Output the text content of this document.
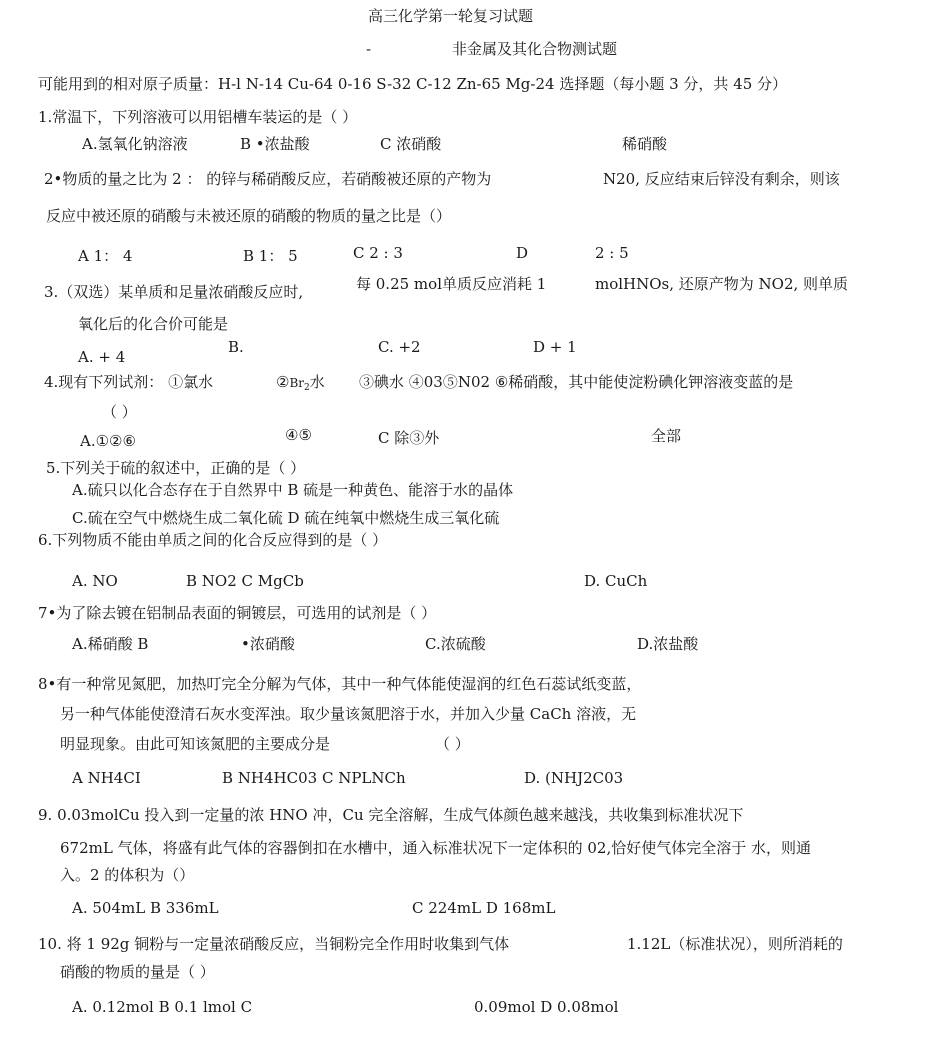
高三化学第一轮复习试题
-	非金属及其化合物测试题
可能用到的相对原子质量：H-l N-14 Cu-64 0-16 S-32 C-12 Zn-65 Mg-24 选择题（每小题 3 分，共 45 分）
1.常温下，下列溶液可以用铝槽车装运的是（ ）
A.氢氧化钠溶液	B •浓盐酸	C 浓硝酸	稀硝酸
2•物质的量之比为 2 ： 的锌与稀硝酸反应，若硝酸被还原的产物为	N20, 反应结束后锌没有剩余，则该
反应中被还原的硝酸与未被还原的硝酸的物质的量之比是（）
A 1： 4	B 1： 5	C 2 : 3	D	2 : 5
3.（双选）某单质和足量浓硝酸反应时,	每 0.25 mol单质反应消耗 1	molHNOs, 还原产物为 NO2, 则单质
氧化后的化合价可能是
A. + 4
B.	C. +2	D + 1
4.现有下列试剂： ①氯水	$②Br_2$水 ③碘水 ④03⑤N02 ⑥稀硝酸，其中能使淀粉碘化钾溶液变蓝的是
（ ）
A.①②⑥	④⑤	C 除③外	全部
5.下列关于硫的叙述中，正确的是（ ）
A.硫只以化合态存在于自然界中 B 硫是一种黄色、能溶于水的晶体
C.硫在空气中燃烧生成二氧化硫 D 硫在纯氧中燃烧生成三氧化硫
6.下列物质不能由单质之间的化合反应得到的是（ ）
A. NO	B NO2 C MgCb	D. CuCh
7•为了除去镀在铝制品表面的铜镀层，可选用的试剂是（ ）
A.稀硝酸 B	•浓硝酸	C.浓硫酸	D.浓盐酸
8•有一种常见氮肥，加热叮完全分解为气体，其中一种气体能使湿润的红色石蕊试纸变蓝，
另一种气体能使澄清石灰水变浑浊。取少量该氮肥溶于水，并加入少量 CaCh 溶液，无
明显现象。由此可知该氮肥的主要成分是	（ ）
A NH4CI	B NH4HC03 C NPLNCh	D. (NHJ2C03
9. 0.03molCu 投入到一定量的浓 HNO 冲，Cu 完全溶解，生成气体颜色越来越浅，共收集到标准状况下
672mL 气体，将盛有此气体的容器倒扣在水槽中，通入标准状况下一定体积的 02,恰好使气体完全溶于 水，则通
入。2 的体积为（）
A. 504mL B 336mL	C 224mL D 168mL
10. 将 1 92g 铜粉与一定量浓硝酸反应，当铜粉完全作用时收集到气体	1.12L（标准状况），则所消耗的
硝酸的物质的量是（ ）
A. 0.12mol B 0.1 lmol C	0.09mol D 0.08mol
